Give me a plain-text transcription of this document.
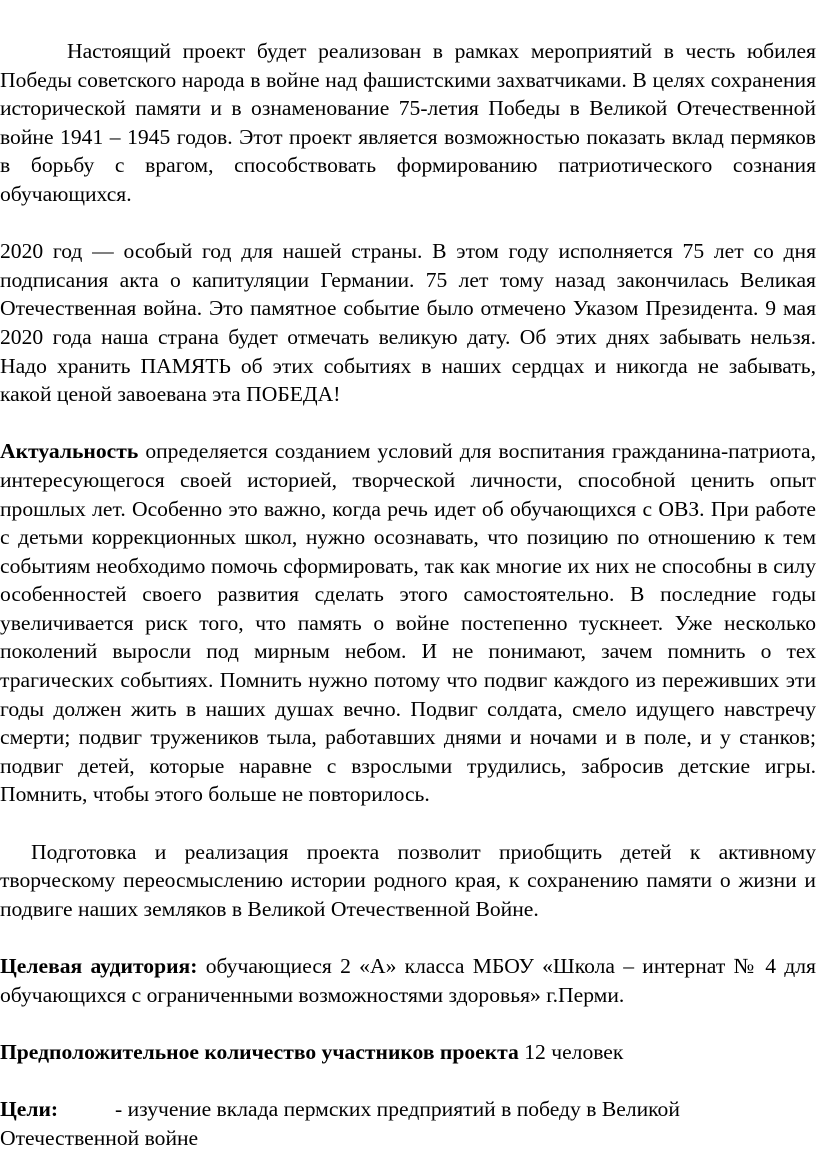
Настоящий проект будет реализован в рамках мероприятий в честь юбилея Победы советского народа в войне над фашистскими захватчиками. В целях сохранения исторической памяти и в ознаменование 75-летия Победы в Великой Отечественной войне 1941 – 1945 годов. Этот проект является возможностью показать вклад пермяков в борьбу с врагом, способствовать формированию патриотического сознания обучающихся.

2020 год — особый год для нашей страны. В этом году исполняется 75 лет со дня подписания акта о капитуляции Германии. 75 лет тому назад закончилась Великая Отечественная война. Это памятное событие было отмечено Указом Президента. 9 мая 2020 года наша страна будет отмечать великую дату. Об этих днях забывать нельзя. Надо хранить ПАМЯТЬ об этих событиях в наших сердцах и никогда не забывать, какой ценой завоевана эта ПОБЕДА!

Актуальность определяется созданием условий для воспитания гражданина-патриота, интересующегося своей историей, творческой личности, способной ценить опыт прошлых лет. Особенно это важно, когда речь идет об обучающихся с ОВЗ. При работе с детьми коррекционных школ, нужно осознавать, что позицию по отношению к тем событиям необходимо помочь сформировать, так как многие их них не способны в силу особенностей своего развития сделать этого самостоятельно. В последние годы увеличивается риск того, что память о войне постепенно тускнеет. Уже несколько поколений выросли под мирным небом. И не понимают, зачем помнить о тех трагических событиях. Помнить нужно потому что подвиг каждого из переживших эти годы должен жить в наших душах вечно. Подвиг солдата, смело идущего навстречу смерти; подвиг тружеников тыла, работавших днями и ночами и в поле, и у станков; подвиг детей, которые наравне с взрослыми трудились, забросив детские игры. Помнить, чтобы этого больше не повторилось.

Подготовка и реализация проекта позволит приобщить детей к активному творческому переосмыслению истории родного края, к сохранению памяти о жизни и подвиге наших земляков в Великой Отечественной Войне.

Целевая аудитория: обучающиеся 2 «А» класса МБОУ «Школа – интернат № 4 для обучающихся с ограниченными возможностями здоровья» г.Перми.

Предположительное количество участников проекта 12 человек

Цели:	- изучение вклада пермских предприятий в победу в Великой
Отечественной войне
